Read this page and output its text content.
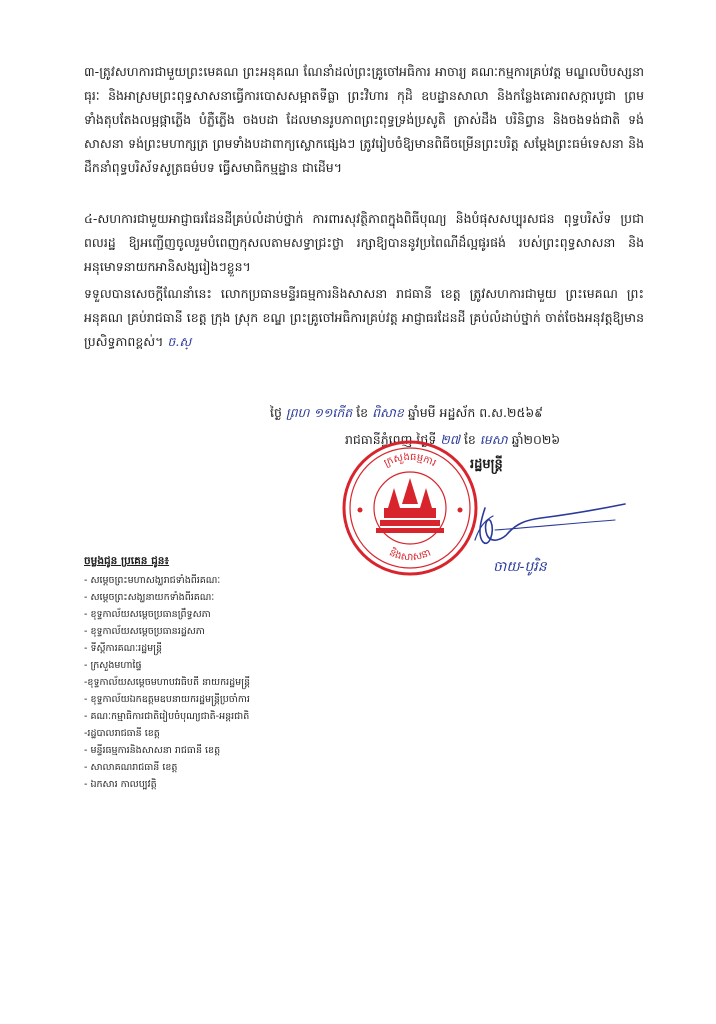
៣-ត្រូវសហការជាមួយព្រះមេគណ ព្រះអនុគណ ណែនាំដល់ព្រះគ្រូចៅអធិការ អាចារ្យ គណៈកម្មការគ្រប់វត្ត មណ្ឌលបិបស្សនាធុរៈ និងអាស្រមព្រះពុទ្ធសាសនាធ្វើការបោសសម្អាតទីធ្លា ព្រះវិហារ កុដិ ឧបដ្ឋានសាលា និងកន្លែងគោរពសក្ការបូជា ព្រមទាំងតុបតែងលម្អផ្កាភ្លើង បំភ្លឺភ្លើង ចងបដា ដែលមានរូបភាពព្រះពុទ្ធទ្រង់ប្រសូតិ ត្រាស់ដឹង បរិនិព្វាន និងចងទង់ជាតិ ទង់សាសនា ទង់ព្រះមហាក្សត្រ ព្រមទាំងបដាពាក្យស្លោកផ្សេងៗ ត្រូវរៀបចំឱ្យមានពិធីចម្រើនព្រះបរិត្ត សម្តែងព្រះធម៌ទេសនា និងដឹកនាំពុទ្ធបរិស័ទសូត្រធម៌បទ ធ្វើសមាធិកម្មដ្ឋាន ជាដើម។

៤-សហការជាមួយអាជ្ញាធរដែនដីគ្រប់លំដាប់ថ្នាក់ ការពារសុវត្ថិភាពក្នុងពិធីបុណ្យ និងបំផុសសប្បុរសជន ពុទ្ធបរិស័ទ ប្រជាពលរដ្ឋ ឱ្យអញ្ជើញចូលរួមបំពេញកុសលតាមសទ្ធាជ្រះថ្លា រក្សាឱ្យបាននូវប្រពៃណីដ៏ល្អផូរផង់ របស់ព្រះពុទ្ធសាសនា និងអនុមោទនាយកអានិសង្សរៀងៗខ្លួន។

ទទួលបានសេចក្តីណែនាំនេះ លោកប្រធានមន្ទីរធម្មការនិងសាសនា រាជធានី ខេត្ត ត្រូវសហការជាមួយ ព្រះមេគណ ព្រះអនុគណ គ្រប់រាជធានី ខេត្ត ក្រុង ស្រុក ខណ្ឌ ព្រះគ្រូចៅអធិការគ្រប់វត្ត អាជ្ញាធរដែនដី គ្រប់លំដាប់ថ្នាក់ ចាត់ចែងអនុវត្តឱ្យមានប្រសិទ្ធភាពខ្ពស់។ ច.ស្

ថ្ងៃ ព្រហ ១១កើត ខែ ពិសាខ ឆ្នាំមមី អដ្ឋស័ក ព.ស.២៥៦៩
រាជធានីភ្នំពេញ ថ្ងៃទី ២៧ ខែ មេសា ឆ្នាំ២០២៦
ក្រសួងធម្មការ
និងសាសនា
រដ្ឋមន្ត្រី
ចាយ-បូរិន
ចម្លងជូន ប្រគេន ជូន៖
- សម្តេចព្រះមហាសង្ឃរាជទាំងពីរគណៈ
- សម្តេចព្រះសង្ឃនាយកទាំងពីរគណៈ
- ខុទ្ទកាល័យសម្តេចប្រធានព្រឹទ្ធសភា
- ខុទ្ទកាល័យសម្តេចប្រធានរដ្ឋសភា
- ទីស្តីការគណៈរដ្ឋមន្ត្រី
- ក្រសួងមហាផ្ទៃ
-ខុទ្ទកាល័យសម្តេចមហាបវរធិបតី នាយករដ្ឋមន្ត្រី
- ខុទ្ទកាល័យឯកឧត្តមឧបនាយករដ្ឋមន្ត្រីប្រចាំការ
- គណៈកម្មាធិការជាតិរៀបចំបុណ្យជាតិ-អន្តរជាតិ
-រដ្ឋបាលរាជធានី ខេត្ត
- មន្ទីរធម្មការនិងសាសនា រាជធានី ខេត្ត
- សាលាគណរាជធានី ខេត្ត
- ឯកសារ កាលប្បវត្តិ
